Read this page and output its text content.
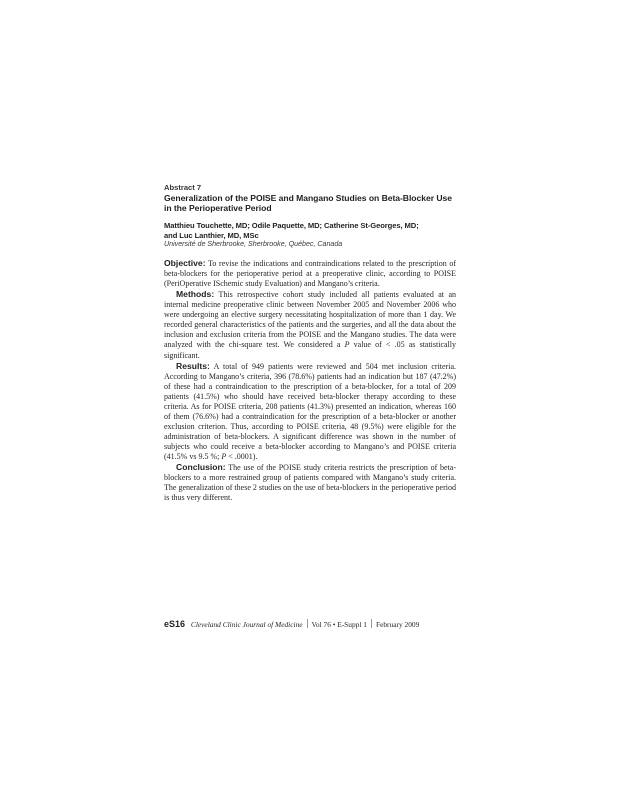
Abstract 7
Generalization of the POISE and Mangano Studies on Beta-Blocker Use in the Perioperative Period
Matthieu Touchette, MD; Odile Paquette, MD; Catherine St-Georges, MD;
and Luc Lanthier, MD, MSc
Université de Sherbrooke, Sherbrooke, Québec, Canada

Objective: To revise the indications and contraindications related to the prescription of beta-blockers for the perioperative period at a preoperative clinic, according to POISE (PeriOperative ISchemic study Evaluation) and Mangano’s criteria.

Methods: This retrospective cohort study included all patients evaluated at an internal medicine preoperative clinic between November 2005 and November 2006 who were undergoing an elective surgery necessitating hospitalization of more than 1 day. We recorded general characteristics of the patients and the surgeries, and all the data about the inclusion and exclusion criteria from the POISE and the Mangano studies. The data were analyzed with the chi-square test. We considered a P value of < .05 as statistically significant.

Results: A total of 949 patients were reviewed and 504 met inclusion criteria. According to Mangano’s criteria, 396 (78.6%) patients had an indication but 187 (47.2%) of these had a contraindication to the prescription of a beta-blocker, for a total of 209 patients (41.5%) who should have received beta-blocker therapy according to these criteria. As for POISE criteria, 208 patients (41.3%) presented an indication, whereas 160 of them (76.6%) had a contraindication for the prescription of a beta-blocker or another exclusion criterion. Thus, according to POISE criteria, 48 (9.5%) were eligible for the administration of beta-blockers. A significant difference was shown in the number of subjects who could receive a beta-blocker according to Mangano’s and POISE criteria (41.5% vs 9.5 %; P < .0001).

Conclusion: The use of the POISE study criteria restricts the prescription of beta-blockers to a more restrained group of patients compared with Mangano’s study criteria. The generalization of these 2 studies on the use of beta-blockers in the perioperative period is thus very different.

eS16 Cleveland Clinic Journal of Medicine Vol 76 • E-Suppl 1 February 2009
